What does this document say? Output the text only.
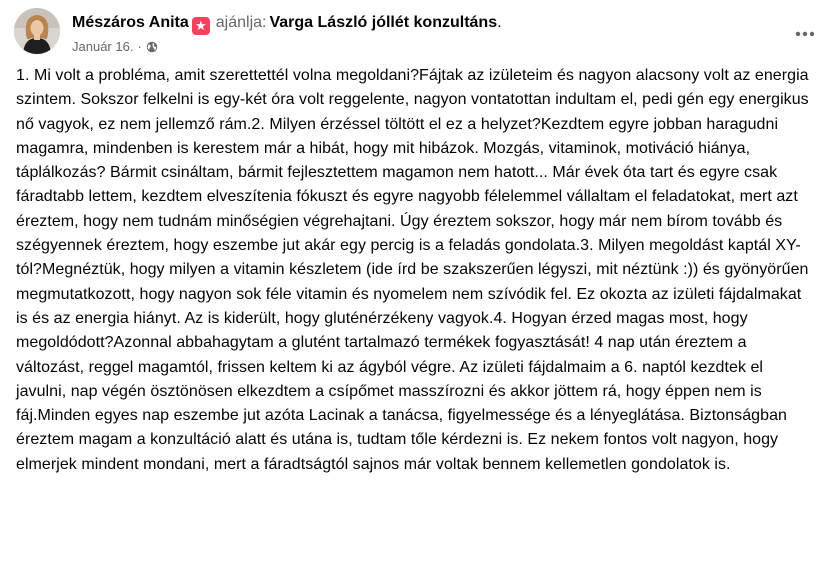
Mészáros Anita ★ ajánlja: Varga László jóllét konzultáns.
Január 16. ·
1. Mi volt a probléma, amit szerettettél volna megoldani?Fájtak az izületeim és nagyon alacsony volt az energia szintem. Sokszor felkelni is egy-két óra volt reggelente, nagyon vontatottan indultam el, pedi gén egy energikus nő vagyok, ez nem jellemző rám.2. Milyen érzéssel töltött el ez a helyzet?Kezdtem egyre jobban haragudni magamra, mindenben is kerestem már a hibát, hogy mit hibázok. Mozgás, vitaminok, motiváció hiánya, táplálkozás? Bármit csináltam, bármit fejlesztettem magamon nem hatott... Már évek óta tart és egyre csak fáradtabb lettem, kezdtem elveszítenia fókuszt és egyre nagyobb félelemmel vállaltam el feladatokat, mert azt éreztem, hogy nem tudnám minőségien végrehajtani. Úgy éreztem sokszor, hogy már nem bírom tovább és szégyennek éreztem, hogy eszembe jut akár egy percig is a feladás gondolata.3. Milyen megoldást kaptál XY-tól?Megnéztük, hogy milyen a vitamin készletem (ide írd be szakszerűen légyszi, mit néztünk :)) és gyönyörűen megmutatkozott, hogy nagyon sok féle vitamin és nyomelem nem szívódik fel. Ez okozta az izületi fájdalmakat is és az energia hiányt. Az is kiderült, hogy gluténérzékeny vagyok.4. Hogyan érzed magas most, hogy megoldódott?Azonnal abbahagytam a glutént tartalmazó termékek fogyasztását! 4 nap után éreztem a változást, reggel magamtól, frissen keltem ki az ágyból végre. Az izületi fájdalmaim a 6. naptól kezdtek el javulni, nap végén ösztönösen elkezdtem a csípőmet masszírozni és akkor jöttem rá, hogy éppen nem is fáj.Minden egyes nap eszembe jut azóta Lacinak a tanácsa, figyelmessége és a lényeglátása. Biztonságban éreztem magam a konzultáció alatt és utána is, tudtam tőle kérdezni is. Ez nekem fontos volt nagyon, hogy elmerjek mindent mondani, mert a fáradtságtól sajnos már voltak bennem kellemetlen gondolatok is.
